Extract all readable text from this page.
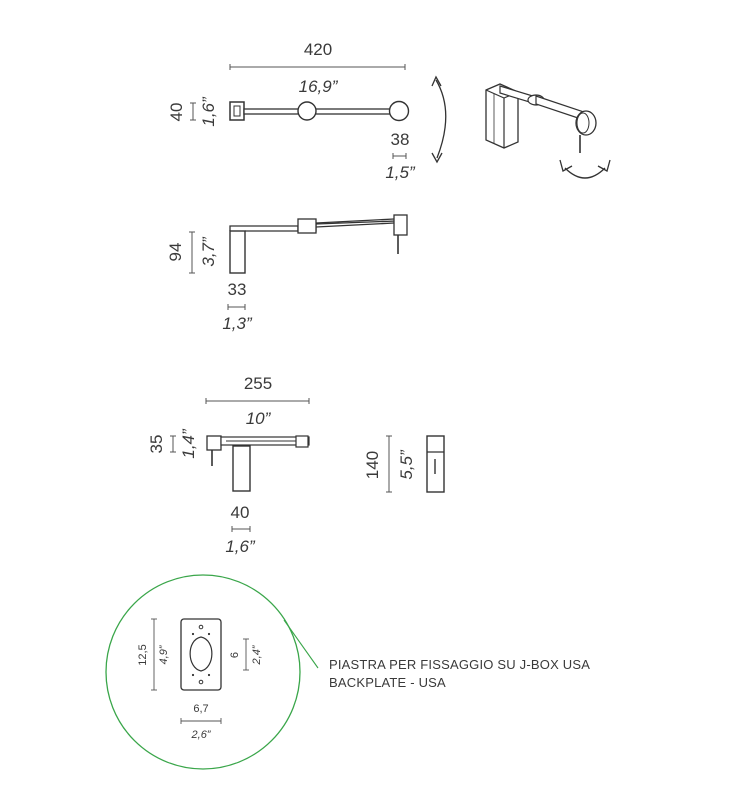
420
16,9”
40 1,6”
38
1,5”
94 3,7”
33
1,3”
255
10”
35 1,4”
40
1,6”
140 5,5”
12,5 4,9”	6 2,4”
6,7
2,6”
PIASTRA PER FISSAGGIO SU J-BOX USA
BACKPLATE - USA
